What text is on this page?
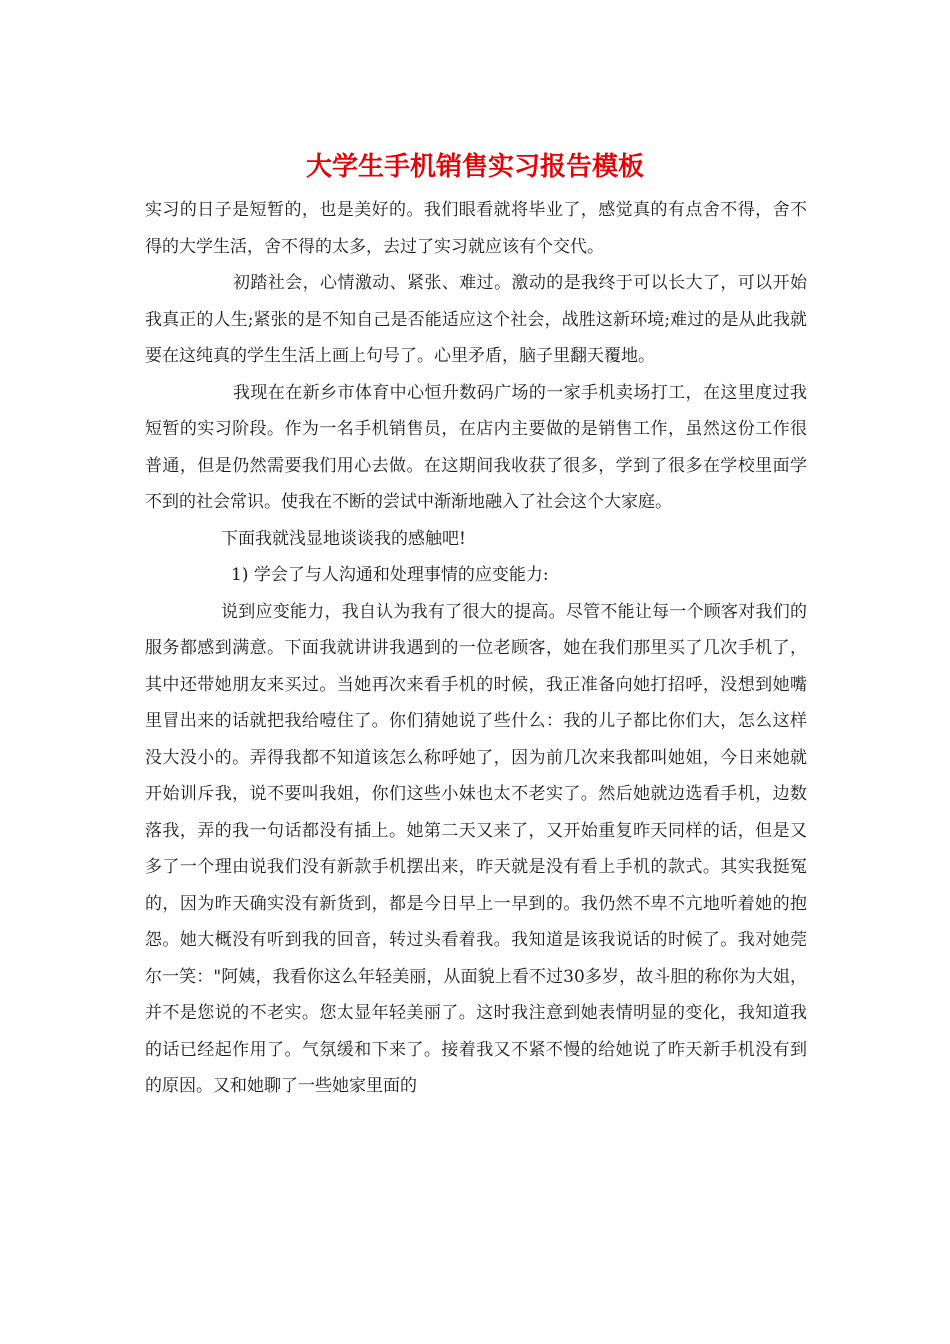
大学生手机销售实习报告模板

实习的日子是短暂的，也是美好的。我们眼看就将毕业了，感觉真的有点舍不得，舍不得的大学生活，舍不得的太多，去过了实习就应该有个交代。

初踏社会，心情激动、紧张、难过。激动的是我终于可以长大了，可以开始我真正的人生;紧张的是不知自己是否能适应这个社会，战胜这新环境;难过的是从此我就要在这纯真的学生生活上画上句号了。心里矛盾，脑子里翻天覆地。

我现在在新乡市体育中心恒升数码广场的一家手机卖场打工，在这里度过我短暂的实习阶段。作为一名手机销售员，在店内主要做的是销售工作，虽然这份工作很普通，但是仍然需要我们用心去做。在这期间我收获了很多，学到了很多在学校里面学不到的社会常识。使我在不断的尝试中渐渐地融入了社会这个大家庭。

下面我就浅显地谈谈我的感触吧!

1) 学会了与人沟通和处理事情的应变能力:

说到应变能力，我自认为我有了很大的提高。尽管不能让每一个顾客对我们的服务都感到满意。下面我就讲讲我遇到的一位老顾客，她在我们那里买了几次手机了，其中还带她朋友来买过。当她再次来看手机的时候，我正准备向她打招呼，没想到她嘴里冒出来的话就把我给噎住了。你们猜她说了些什么：我的儿子都比你们大，怎么这样没大没小的。弄得我都不知道该怎么称呼她了，因为前几次来我都叫她姐，今日来她就开始训斥我，说不要叫我姐，你们这些小妹也太不老实了。然后她就边选看手机，边数落我，弄的我一句话都没有插上。她第二天又来了，又开始重复昨天同样的话，但是又多了一个理由说我们没有新款手机摆出来，昨天就是没有看上手机的款式。其实我挺冤的，因为昨天确实没有新货到，都是今日早上一早到的。我仍然不卑不亢地听着她的抱怨。她大概没有听到我的回音，转过头看着我。我知道是该我说话的时候了。我对她莞尔一笑："阿姨，我看你这么年轻美丽，从面貌上看不过30多岁，故斗胆的称你为大姐，并不是您说的不老实。您太显年轻美丽了。这时我注意到她表情明显的变化，我知道我的话已经起作用了。气氛缓和下来了。接着我又不紧不慢的给她说了昨天新手机没有到的原因。又和她聊了一些她家里面的
